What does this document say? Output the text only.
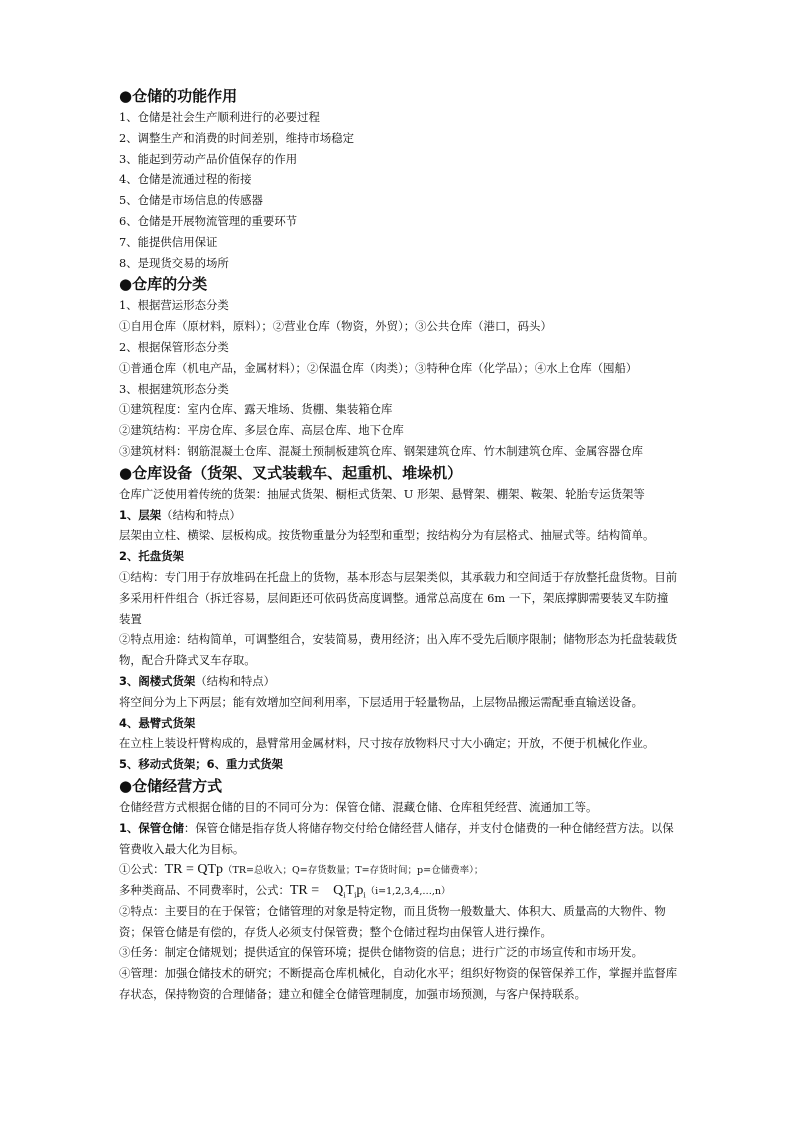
●仓储的功能作用
1、仓储是社会生产顺利进行的必要过程
2、调整生产和消费的时间差别，维持市场稳定
3、能起到劳动产品价值保存的作用
4、仓储是流通过程的衔接
5、仓储是市场信息的传感器
6、仓储是开展物流管理的重要环节
7、能提供信用保证
8、是现货交易的场所
●仓库的分类
1、根据营运形态分类
①自用仓库（原材料，原料）；②营业仓库（物资，外贸）；③公共仓库（港口，码头）
2、根据保管形态分类
①普通仓库（机电产品，金属材料）；②保温仓库（肉类）；③特种仓库（化学品）；④水上仓库（囤船）
3、根据建筑形态分类
①建筑程度：室内仓库、露天堆场、货棚、集装箱仓库
②建筑结构：平房仓库、多层仓库、高层仓库、地下仓库
③建筑材料：钢筋混凝土仓库、混凝土预制板建筑仓库、钢架建筑仓库、竹木制建筑仓库、金属容器仓库
●仓库设备（货架、叉式装载车、起重机、堆垛机）
仓库广泛使用着传统的货架：抽屉式货架、橱柜式货架、U 形架、悬臂架、棚架、鞍架、轮胎专运货架等
1、层架（结构和特点）
层架由立柱、横梁、层板构成。按货物重量分为轻型和重型；按结构分为有层格式、抽屉式等。结构简单。
2、托盘货架
①结构：专门用于存放堆码在托盘上的货物，基本形态与层架类似，其承载力和空间适于存放整托盘货物。目前多采用杆件组合（拆迁容易，层间距还可依码货高度调整。通常总高度在 6m 一下，架底撑脚需要装叉车防撞装置
②特点用途：结构简单，可调整组合，安装简易，费用经济；出入库不受先后顺序限制；储物形态为托盘装载货物，配合升降式叉车存取。
3、阁楼式货架（结构和特点）
将空间分为上下两层；能有效增加空间利用率，下层适用于轻量物品，上层物品搬运需配垂直输送设备。
4、悬臂式货架
在立柱上装设杆臂构成的，悬臂常用金属材料，尺寸按存放物料尺寸大小确定；开放，不便于机械化作业。
5、移动式货架；6、重力式货架
●仓储经营方式
仓储经营方式根据仓储的目的不同可分为：保管仓储、混藏仓储、仓库租凭经营、流通加工等。
1、保管仓储：保管仓储是指存货人将储存物交付给仓储经营人储存，并支付仓储费的一种仓储经营方法。以保管费收入最大化为目标。
①公式：TR = QTp（TR=总收入；Q=存货数量；T=存货时间；p=仓储费率）；
多种类商品、不同费率时，公式：TR = $Q_iT_ip_i(i=1,2,3,4,\dots,n)$
②特点：主要目的在于保管；仓储管理的对象是特定物，而且货物一般数量大、体积大、质量高的大物件、物资；保管仓储是有偿的，存货人必须支付保管费；整个仓储过程均由保管人进行操作。
③任务：制定仓储规划；提供适宜的保管环境；提供仓储物资的信息；进行广泛的市场宣传和市场开发。
④管理：加强仓储技术的研究；不断提高仓库机械化，自动化水平；组织好物资的保管保养工作，掌握并监督库存状态，保持物资的合理储备；建立和健全仓储管理制度，加强市场预测，与客户保持联系。
